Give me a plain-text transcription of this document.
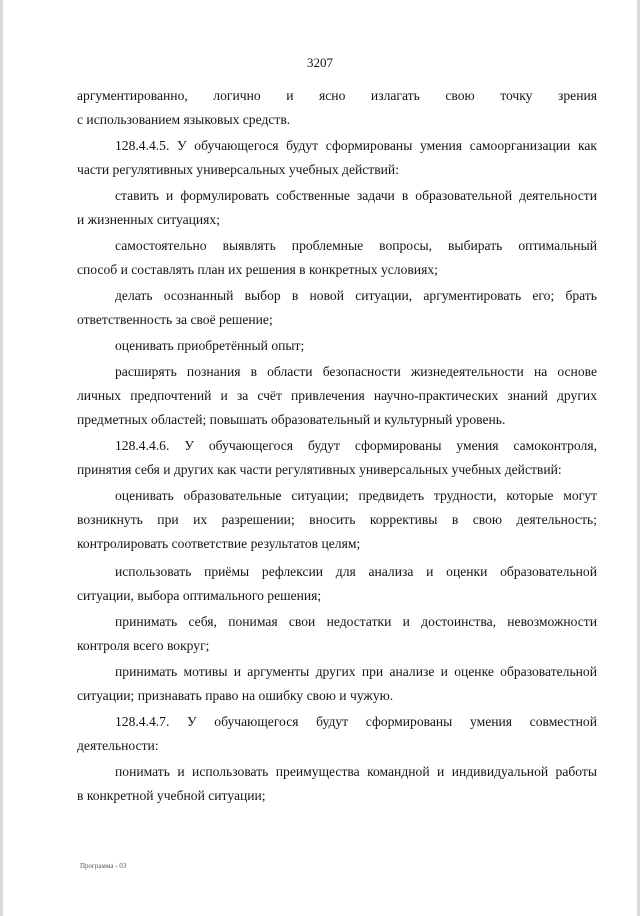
3207
аргументированно, логично и ясно излагать свою точку зрения
с использованием языковых средств.
128.4.4.5. У обучающегося будут сформированы умения самоорганизации как
части регулятивных универсальных учебных действий:
ставить и формулировать собственные задачи в образовательной деятельности
и жизненных ситуациях;
самостоятельно выявлять проблемные вопросы, выбирать оптимальный
способ и составлять план их решения в конкретных условиях;
делать осознанный выбор в новой ситуации, аргументировать его; брать
ответственность за своё решение;
оценивать приобретённый опыт;
расширять познания в области безопасности жизнедеятельности на основе
личных предпочтений и за счёт привлечения научно-практических знаний других
предметных областей; повышать образовательный и культурный уровень.
128.4.4.6. У обучающегося будут сформированы умения самоконтроля,
принятия себя и других как части регулятивных универсальных учебных действий:
оценивать образовательные ситуации; предвидеть трудности, которые могут
возникнуть при их разрешении; вносить коррективы в свою деятельность;
контролировать соответствие результатов целям;
использовать приёмы рефлексии для анализа и оценки образовательной
ситуации, выбора оптимального решения;
принимать себя, понимая свои недостатки и достоинства, невозможности
контроля всего вокруг;
принимать мотивы и аргументы других при анализе и оценке образовательной
ситуации; признавать право на ошибку свою и чужую.
128.4.4.7. У обучающегося будут сформированы умения совместной
деятельности:
понимать и использовать преимущества командной и индивидуальной работы
в конкретной учебной ситуации;
Программа - 03
